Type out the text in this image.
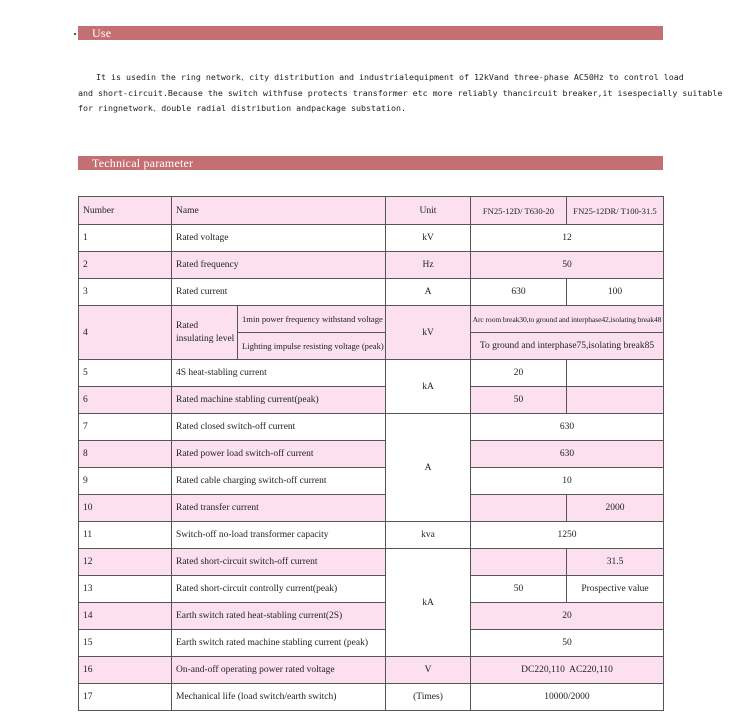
Use

It is usedin the ring network、city distribution and industrialequipment of 12kVand three-phase AC50Hz to control load

and short-circuit.Because the switch withfuse protects transformer etc more reliably thancircuit breaker,it isespecially suitable

for ringnetwork、double radial distribution andpackage substation.

Technical parameter
Number	Name		Unit	FN25-12D/ T630-20	FN25-12DR/ T100-31.5
1	Rated voltage		kV	12	
2	Rated frequency		Hz	50	
3	Rated current		A	630	100
4	Rated insulating level	1min power frequency withstand voltage	kV	Arc room break30,to ground and interphase42,isolating break48	
		Lighting impulse resisting voltage (peak)		To ground and interphase75,isolating break85	
5	4S heat-stabling current		kA	20	
6	Rated machine stabling current(peak)			50	
7	Rated closed switch-off current		A	630	
8	Rated power load switch-off current			630	
9	Rated cable charging switch-off current			10	
10	Rated transfer current				2000
11	Switch-off no-load transformer capacity		kva	1250	
12	Rated short-circuit switch-off current		kA		31.5
13	Rated short-circuit controlly current(peak)			50	Prospective value
14	Earth switch rated heat-stabling current(2S)			20	
15	Earth switch rated machine stabling current (peak)			50	
16	On-and-off operating power rated voltage		V	DC220,110  AC220,110	
17	Mechanical life (load switch/earth switch)		(Times)	10000/2000	
